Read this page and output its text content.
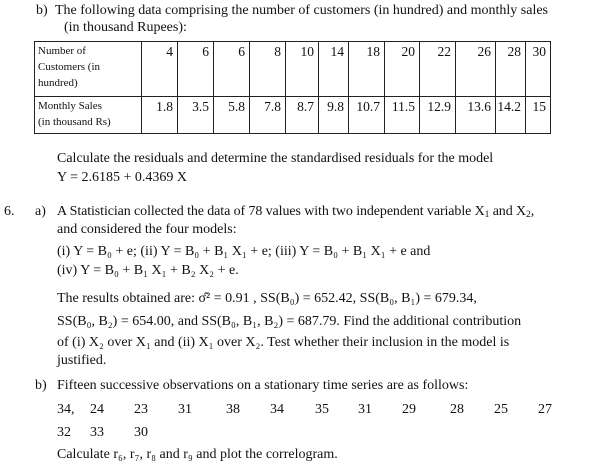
b) The following data comprising the number of customers (in hundred) and monthly sales
(in thousand Rupees):
Number of
Customers (in
hundred)	4	6	6	8	10	14	18	20	22	26	28	30

Monthly Sales
(in thousand Rs)	1.8	3.5	5.8	7.8	8.7	9.8	10.7	11.5	12.9	13.6	14.2	15
Calculate the residuals and determine the standardised residuals for the model
Y = 2.6185 + 0.4369 X
6. a) A Statistician collected the data of 78 values with two independent variable $X_1$ and $X_2$,
and considered the four models:
(i) Y = B₀ + e; (ii) Y = B₀ + B₁ X₁ + e; (iii) Y = B₀ + B₁ X₁ + e and
(iv) Y = B₀ + B₁ X₁ + B₂ X₂ + e.
The results obtained are: σ̂² = 0.91 , SS(B₀) = 652.42, SS(B₀, B₁) = 679.34,
SS(B₀, B₂) = 654.00, and SS(B₀, B₁, B₂) = 687.79. Find the additional contribution
of (i) X₂ over X₁ and (ii) X₁ over X₂. Test whether their inclusion in the model is
justified.
b) Fifteen successive observations on a stationary time series are as follows:
34, 24 23 31 38 34 35 31 29 28 25 27
32 33 30
Calculate r₆, r₇, r₈ and r₉ and plot the correlogram.
